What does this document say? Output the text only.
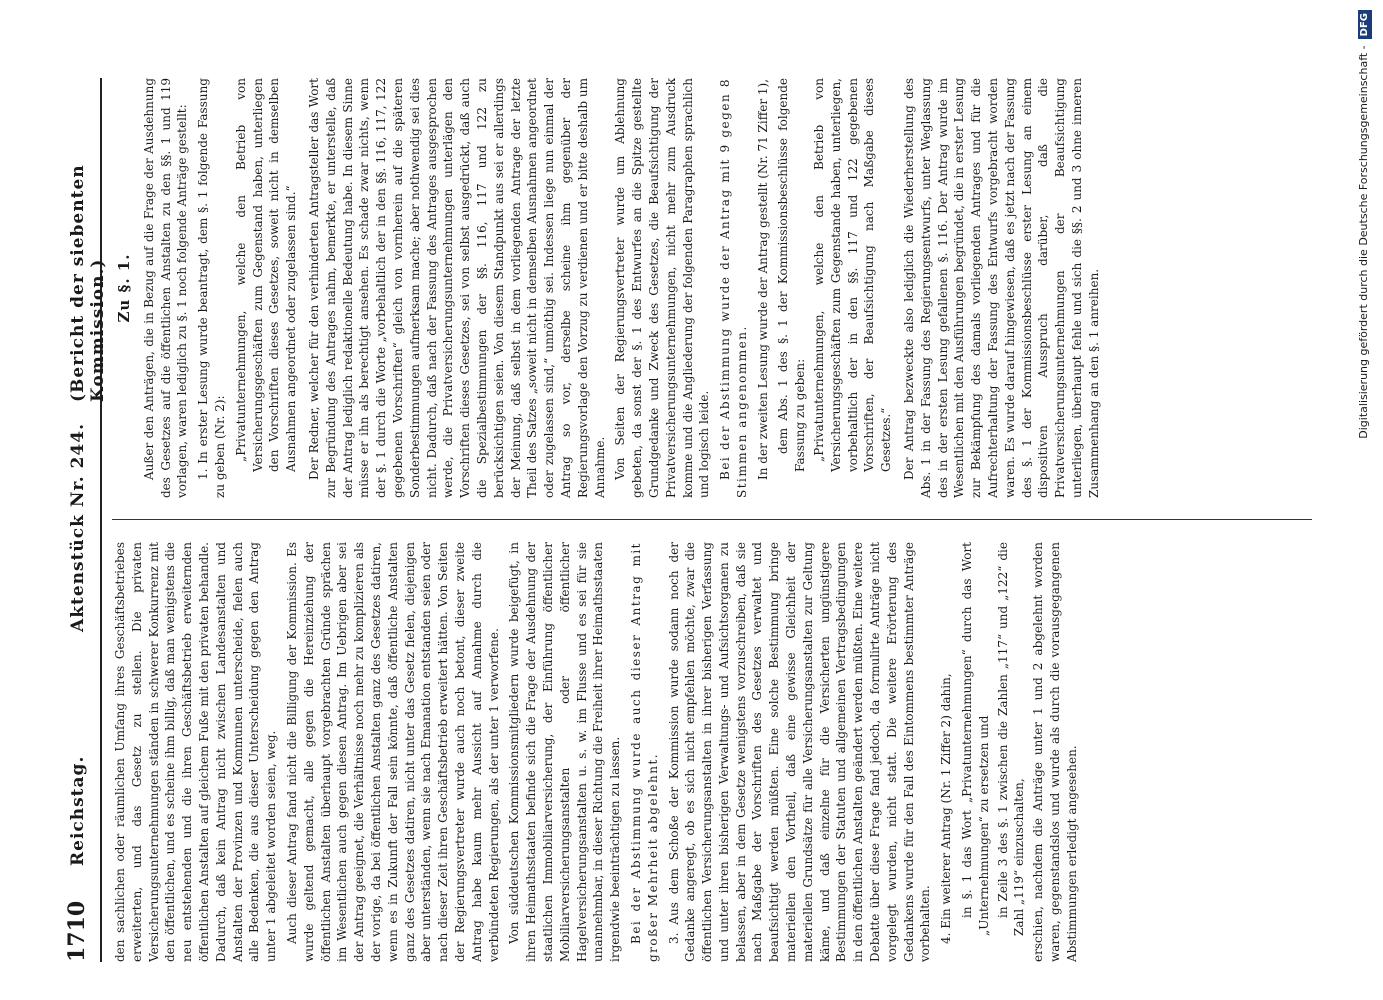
1710
Reichstag.
Aktenstück Nr. 244.
(Bericht der siebenten Kommission.)

den sachlichen oder räumlichen Umfang ihres Geschäftsbetriebes erweiterten, und das Gesetz zu stellen. Die privaten Versicherungsunternehmungen ständen in schwerer Konkurrenz mit den öffentlichen, und es scheine ihm billig, daß man wenigstens die neu entstehenden und die ihren Geschäftsbetrieb erweiternden öffentlichen Anstalten auf gleichem Fuße mit den privaten behandle. Dadurch, daß kein Antrag nicht zwischen Landesanstalten und Anstalten der Provinzen und Kommunen unterscheide, fielen auch alle Bedenken, die aus dieser Unterscheidung gegen den Antrag unter 1 abgeleitet worden seien, weg. Auch dieser Antrag fand nicht die Billigung der Kommission. Es wurde geltend gemacht, alle gegen die Hereinziehung der öffentlichen Anstalten überhaupt vorgebrachten Gründe sprächen im Wesentlichen auch gegen diesen Antrag. Im Uebrigen aber sei der Antrag geeignet, die Verhältnisse noch mehr zu komplizieren als der vorige, da bei öffentlichen Anstalten ganz des Gesetzes datiren, wenn es in Zukunft der Fall sein könnte, daß öffentliche Anstalten ganz des Gesetzes datiren, nicht unter das Gesetz fielen, diejenigen aber unterständen, wenn sie nach Emanation entstanden seien oder nach dieser Zeit ihren Geschäftsbetrieb erweitert hätten. Von Seiten der Regierungsvertreter wurde auch noch betont, dieser zweite Antrag habe kaum mehr Aussicht auf Annahme durch die verbündeten Regierungen, als der unter 1 verworfene. Von süddeutschen Kommissionsmitgliedern wurde beigefügt, in ihren Heimathsstaaten befinde sich die Frage der Ausdehnung der staatlichen Immobiliarversicherung, der Einführung öffentlicher Mobiliarversicherungsanstalten oder öffentlicher Hagelversicherungsanstalten u. s. w. im Flusse und es sei für sie unannehmbar, in dieser Richtung die Freiheit ihrer Heimathsstaaten irgendwie beeinträchtigen zu lassen. Bei der Abstimmung wurde auch dieser Antrag mit großer Mehrheit abgelehnt. 3. Aus dem Schoße der Kommission wurde sodann noch der Gedanke angeregt, ob es sich nicht empfehlen möchte, zwar die öffentlichen Versicherungsanstalten in ihrer bisherigen Verfassung und unter ihren bisherigen Verwaltungs- und Aufsichtsorganen zu belassen, aber in dem Gesetze wenigstens vorzuschreiben, daß sie nach Maßgabe der Vorschriften des Gesetzes verwaltet und beaufsichtigt werden müßten. Eine solche Bestimmung bringe materiellen den Vortheil, daß eine gewisse Gleichheit der materiellen Grundsätze für alle Versicherungsanstalten zur Geltung käme, und daß einzelne für die Versicherten ungünstigere Bestimmungen der Statuten und allgemeinen Vertragsbedingungen in den öffentlichen Anstalten geändert werden müßten. Eine weitere Debatte über diese Frage fand jedoch, da formulirte Anträge nicht vorgelegt wurden, nicht statt. Die weitere Erörterung des Gedankens wurde für den Fall des Eintommens bestimmter Anträge vorbehalten. 4. Ein weiterer Antrag (Nr. 1 Ziffer 2) dahin, in §. 1 das Wort „Privatunternehmungen“ durch das Wort „Unternehmungen“ zu ersetzen und in Zeile 3 des §. 1 zwischen die Zahlen „117“ und „122“ die Zahl „119“ einzuschalten, erschien, nachdem die Anträge unter 1 und 2 abgelehnt worden waren, gegenstandslos und wurde als durch die vorausgegangenen Abstimmungen erledigt angesehen.

Zu §. 1. Außer den Anträgen, die in Bezug auf die Frage der Ausdehnung des Gesetzes auf die öffentlichen Anstalten zu den §§. 1 und 119 vorlagen, waren lediglich zu §. 1 noch folgende Anträge gestellt: 1. In erster Lesung wurde beantragt, dem §. 1 folgende Fassung zu geben (Nr. 2): „Privatunternehmungen, welche den Betrieb von Versicherungsgeschäften zum Gegenstand haben, unterliegen den Vorschriften dieses Gesetzes, soweit nicht in demselben Ausnahmen angeordnet oder zugelassen sind.“ Der Redner, welcher für den verhinderten Antragsteller das Wort zur Begründung des Antrages nahm, bemerkte, er unterstelle, daß der Antrag lediglich redaktionelle Bedeutung habe. In diesem Sinne müsse er ihn als berechtigt ansehen. Es schade zwar nichts, wenn der §. 1 durch die Worte „vorbehaltlich der in den §§. 116, 117, 122 gegebenen Vorschriften“ gleich von vornherein auf die späteren Sonderbestimmungen aufmerksam mache; aber nothwendig sei dies nicht. Dadurch, daß nach der Fassung des Antrages ausgesprochen werde, die Privatversicherungsunternehmungen unterlägen den Vorschriften dieses Gesetzes, sei von selbst ausgedrückt, daß auch die Spezialbestimmungen der §§. 116, 117 und 122 zu berücksichtigen seien. Von diesem Standpunkt aus sei er allerdings der Meinung, daß selbst in dem vorliegenden Antrage der letzte Theil des Satzes „soweit nicht in demselben Ausnahmen angeordnet oder zugelassen sind,“ unnöthig sei. Indessen liege nun einmal der Antrag so vor, derselbe scheine ihm gegenüber der Regierungsvorlage den Vorzug zu verdienen und er bitte deshalb um Annahme. Von Seiten der Regierungsvertreter wurde um Ablehnung gebeten, da sonst der §. 1 des Entwurfes an die Spitze gestellte Grundgedanke und Zweck des Gesetzes, die Beaufsichtigung der Privatversicherungsunternehmungen, nicht mehr zum Ausdruck komme und die Angliederung der folgenden Paragraphen sprachlich und logisch leide. Bei der Abstimmung wurde der Antrag mit 9 gegen 8 Stimmen angenommen. In der zweiten Lesung wurde der Antrag gestellt (Nr. 71 Ziffer 1), dem Abs. 1 des §. 1 der Kommissionsbeschlüsse folgende Fassung zu geben: „Privatunternehmungen, welche den Betrieb von Versicherungsgeschäften zum Gegenstande haben, unterliegen, vorbehaltlich der in den §§. 117 und 122 gegebenen Vorschriften, der Beaufsichtigung nach Maßgabe dieses Gesetzes.“ Der Antrag bezweckte also lediglich die Wiederherstellung des Abs. 1 in der Fassung des Regierungsentwurfs, unter Weglassung des in der ersten Lesung gefallenen §. 116. Der Antrag wurde im Wesentlichen mit den Ausführungen begründet, die in erster Lesung zur Bekämpfung des damals vorliegenden Antrages und für die Aufrechterhaltung der Fassung des Entwurfs vorgebracht worden waren. Es wurde darauf hingewiesen, daß es jetzt nach der Fassung des §. 1 der Kommissionsbeschlüsse erster Lesung an einem dispositiven Ausspruch darüber, daß die Privatversicherungsunternehmungen der Beaufsichtigung unterliegen, überhaupt fehle und sich die §§. 2 und 3 ohne inneren Zusammenhang an den §. 1 anreihen.	Digitalisierung gefördert durch die Deutsche Forschungsgemeinschaft -DFG
